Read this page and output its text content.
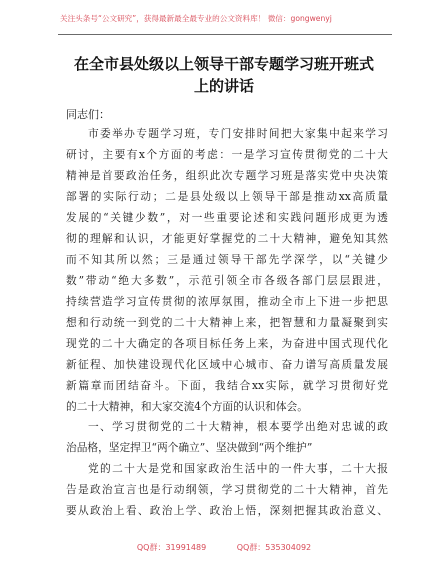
关注头条号“公文研究”，获得最新最全最专业的公文资料库！ 微信：gongwenyj
在全市县处级以上领导干部专题学习班开班式
上的讲话
同志们：
市委举办专题学习班，专门安排时间把大家集中起来学习
研讨，主要有x个方面的考虑：一是学习宣传贯彻党的二十大
精神是首要政治任务，组织此次专题学习班是落实党中央决策
部署的实际行动；二是县处级以上领导干部是推动xx高质量
发展的“关键少数”，对一些重要论述和实践问题形成更为透
彻的理解和认识，才能更好掌握党的二十大精神，避免知其然
而不知其所以然；三是通过领导干部先学深学，以“关键少
数”带动“绝大多数”，示范引领全市各级各部门层层跟进，
持续营造学习宣传贯彻的浓厚氛围，推动全市上下进一步把思
想和行动统一到党的二十大精神上来，把智慧和力量凝聚到实
现党的二十大确定的各项目标任务上来，为奋进中国式现代化
新征程、加快建设现代化区域中心城市、奋力谱写高质量发展
新篇章而团结奋斗。下面，我结合xx实际，就学习贯彻好党
的二十大精神，和大家交流4个方面的认识和体会。
一、学习贯彻党的二十大精神，根本要学出绝对忠诚的政
治品格，坚定捍卫“两个确立”、坚决做到“两个维护”
党的二十大是党和国家政治生活中的一件大事，二十大报
告是政治宣言也是行动纲领，学习贯彻党的二十大精神，首先
要从政治上看、政治上学、政治上悟，深刻把握其政治意义、
QQ群：31991489	QQ群：535304092
